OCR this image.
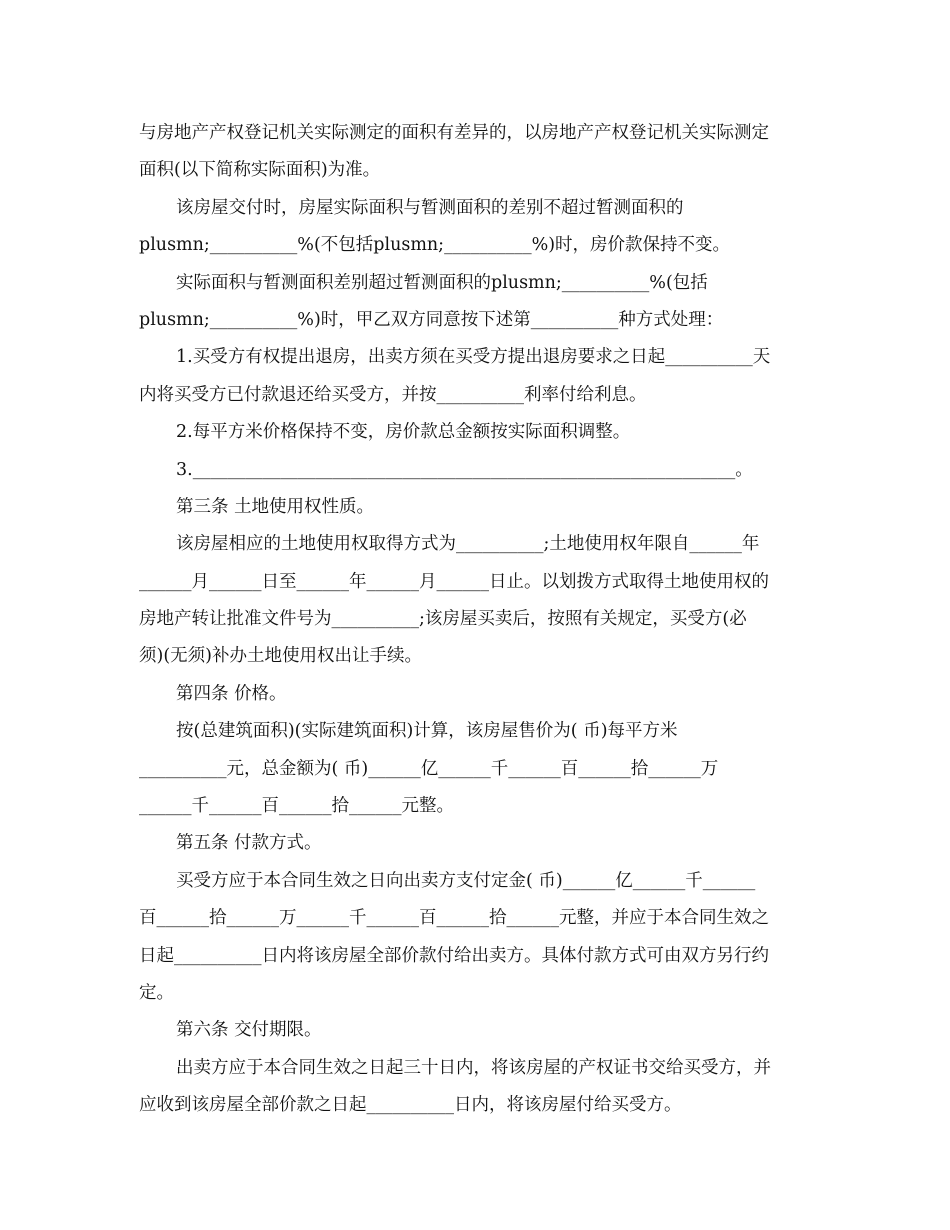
与房地产产权登记机关实际测定的面积有差异的，以房地产产权登记机关实际测定
面积(以下简称实际面积)为准。
该房屋交付时，房屋实际面积与暂测面积的差别不超过暂测面积的
plusmn;__________%(不包括plusmn;__________%)时，房价款保持不变。
实际面积与暂测面积差别超过暂测面积的plusmn;__________%(包括
plusmn;__________%)时，甲乙双方同意按下述第__________种方式处理：
1.买受方有权提出退房，出卖方须在买受方提出退房要求之日起__________天
内将买受方已付款退还给买受方，并按__________利率付给利息。
2.每平方米价格保持不变，房价款总金额按实际面积调整。
3.______________________________________________________________。
第三条 土地使用权性质。
该房屋相应的土地使用权取得方式为__________;土地使用权年限自______年
______月______日至______年______月______日止。以划拨方式取得土地使用权的
房地产转让批准文件号为__________;该房屋买卖后，按照有关规定，买受方(必
须)(无须)补办土地使用权出让手续。
第四条 价格。
按(总建筑面积)(实际建筑面积)计算，该房屋售价为( 币)每平方米
__________元，总金额为( 币)______亿______千______百______拾______万
______千______百______拾______元整。
第五条 付款方式。
买受方应于本合同生效之日向出卖方支付定金( 币)______亿______千______
百______拾______万______千______百______拾______元整，并应于本合同生效之
日起__________日内将该房屋全部价款付给出卖方。具体付款方式可由双方另行约
定。
第六条 交付期限。
出卖方应于本合同生效之日起三十日内，将该房屋的产权证书交给买受方，并
应收到该房屋全部价款之日起__________日内，将该房屋付给买受方。
